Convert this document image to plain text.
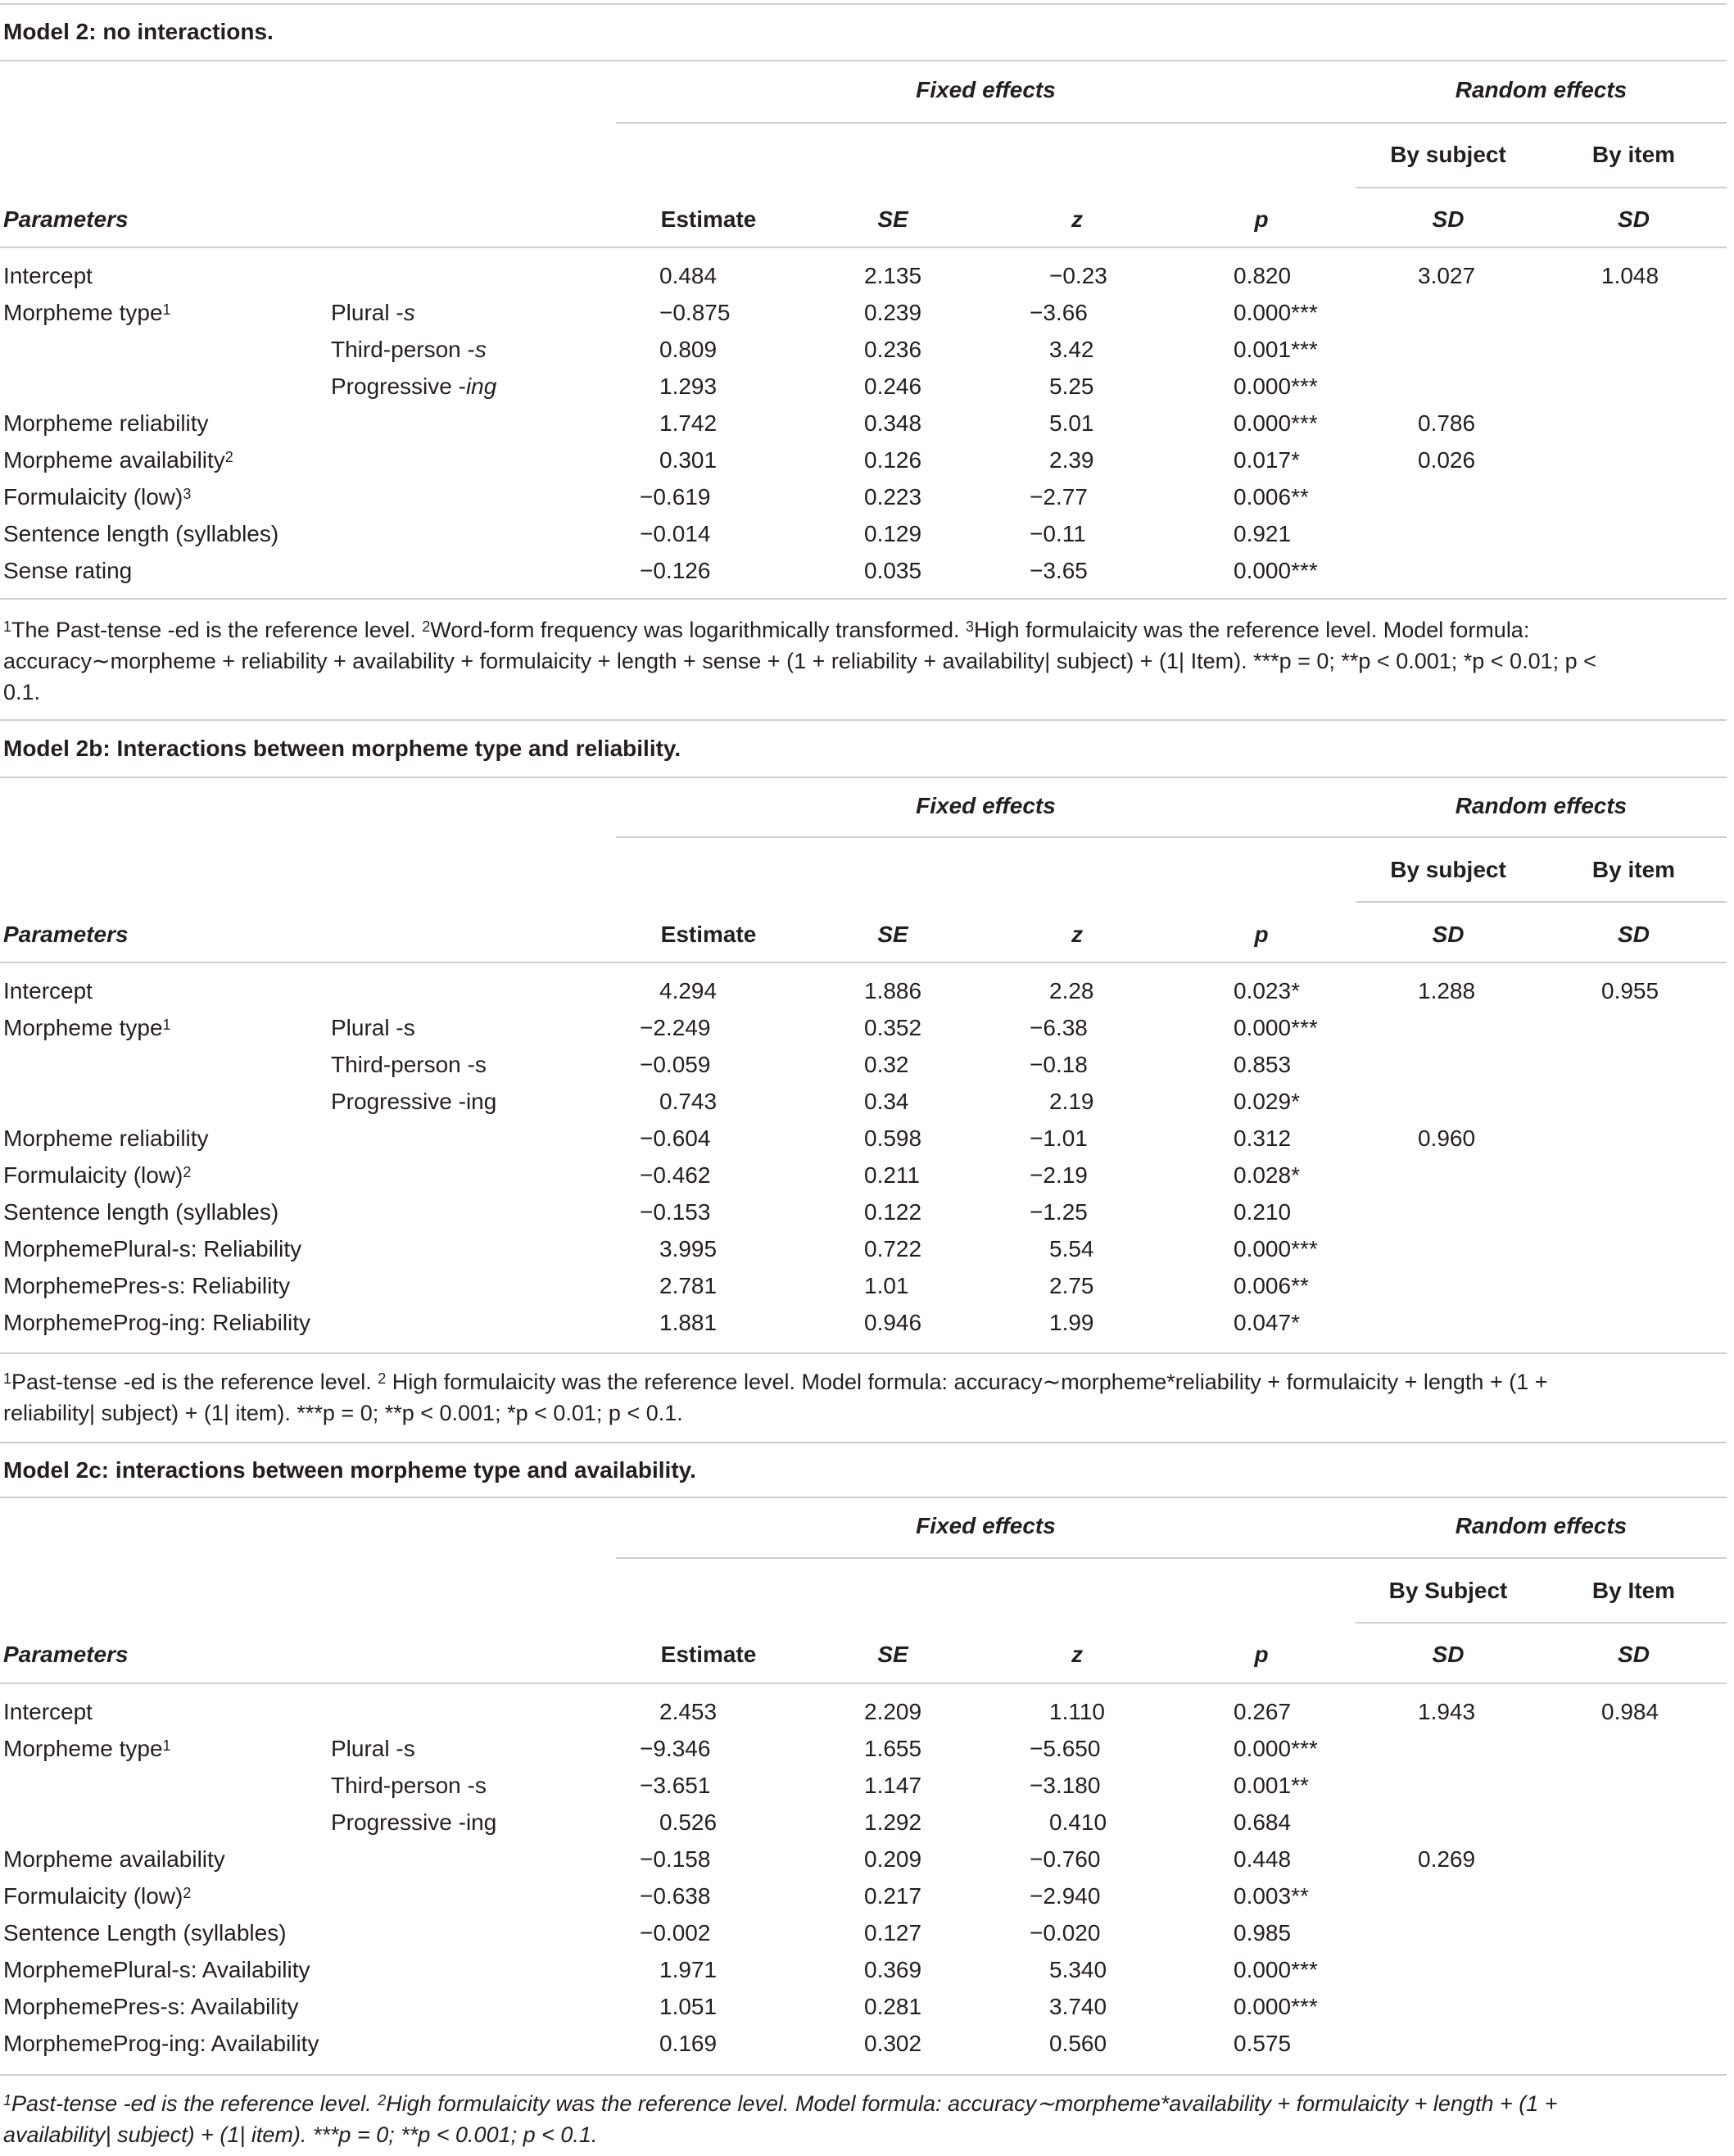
Model 2: no interactions.
Fixed effects	Random effects
By subject	By item
Parameters	Estimate	SE	z	p	SD	SD
Intercept	0.484	2.135	−0.23	0.820	3.027	1.048
Morpheme type$^1$	Plural -s	−0.875	0.239	−3.66	0.000***
Third-person -s	0.809	0.236	3.42	0.001***
Progressive -ing	1.293	0.246	5.25	0.000***
Morpheme reliability	1.742	0.348	5.01	0.000***	0.786
Morpheme availability$^2$	0.301	0.126	2.39	0.017*	0.026
Formulaicity (low)$^3$	−0.619	0.223	−2.77	0.006**
Sentence length (syllables)	−0.014	0.129	−0.11	0.921
Sense rating	−0.126	0.035	−3.65	0.000***
$^1$The Past-tense -ed is the reference level. $^2$Word-form frequency was logarithmically transformed. $^3$High formulaicity was the reference level. Model formula: accuracy∼morpheme + reliability + availability + formulaicity + length + sense + (1 + reliability + availability| subject) + (1| Item). ***p = 0; **p < 0.001; *p < 0.01; p < 0.1.
Model 2b: Interactions between morpheme type and reliability.
Fixed effects	Random effects
By subject	By item
Parameters	Estimate	SE	z	p	SD	SD
Intercept	4.294	1.886	2.28	0.023*	1.288	0.955
Morpheme type$^1$	Plural -s	−2.249	0.352	−6.38	0.000***
Third-person -s	−0.059	0.32	−0.18	0.853
Progressive -ing	0.743	0.34	2.19	0.029*
Morpheme reliability	−0.604	0.598	−1.01	0.312	0.960
Formulaicity (low)$^2$	−0.462	0.211	−2.19	0.028*
Sentence length (syllables)	−0.153	0.122	−1.25	0.210
MorphemePlural-s: Reliability	3.995	0.722	5.54	0.000***
MorphemePres-s: Reliability	2.781	1.01	2.75	0.006**
MorphemeProg-ing: Reliability	1.881	0.946	1.99	0.047*
$^1$Past-tense -ed is the reference level. $^2$ High formulaicity was the reference level. Model formula: accuracy∼morpheme*reliability + formulaicity + length + (1 + reliability| subject) + (1| item). ***p = 0; **p < 0.001; *p < 0.01; p < 0.1.
Model 2c: interactions between morpheme type and availability.
Fixed effects	Random effects
By Subject	By Item
Parameters	Estimate	SE	z	p	SD	SD
Intercept	2.453	2.209	1.110	0.267	1.943	0.984
Morpheme type$^1$	Plural -s	−9.346	1.655	−5.650	0.000***
Third-person -s	−3.651	1.147	−3.180	0.001**
Progressive -ing	0.526	1.292	0.410	0.684
Morpheme availability	−0.158	0.209	−0.760	0.448	0.269
Formulaicity (low)$^2$	−0.638	0.217	−2.940	0.003**
Sentence Length (syllables)	−0.002	0.127	−0.020	0.985
MorphemePlural-s: Availability	1.971	0.369	5.340	0.000***
MorphemePres-s: Availability	1.051	0.281	3.740	0.000***
MorphemeProg-ing: Availability	0.169	0.302	0.560	0.575
$^1$Past-tense -ed is the reference level. $^2$High formulaicity was the reference level. Model formula: accuracy∼morpheme*availability + formulaicity + length + (1 + availability| subject) + (1| item). ***p = 0; **p < 0.001; p < 0.1.
